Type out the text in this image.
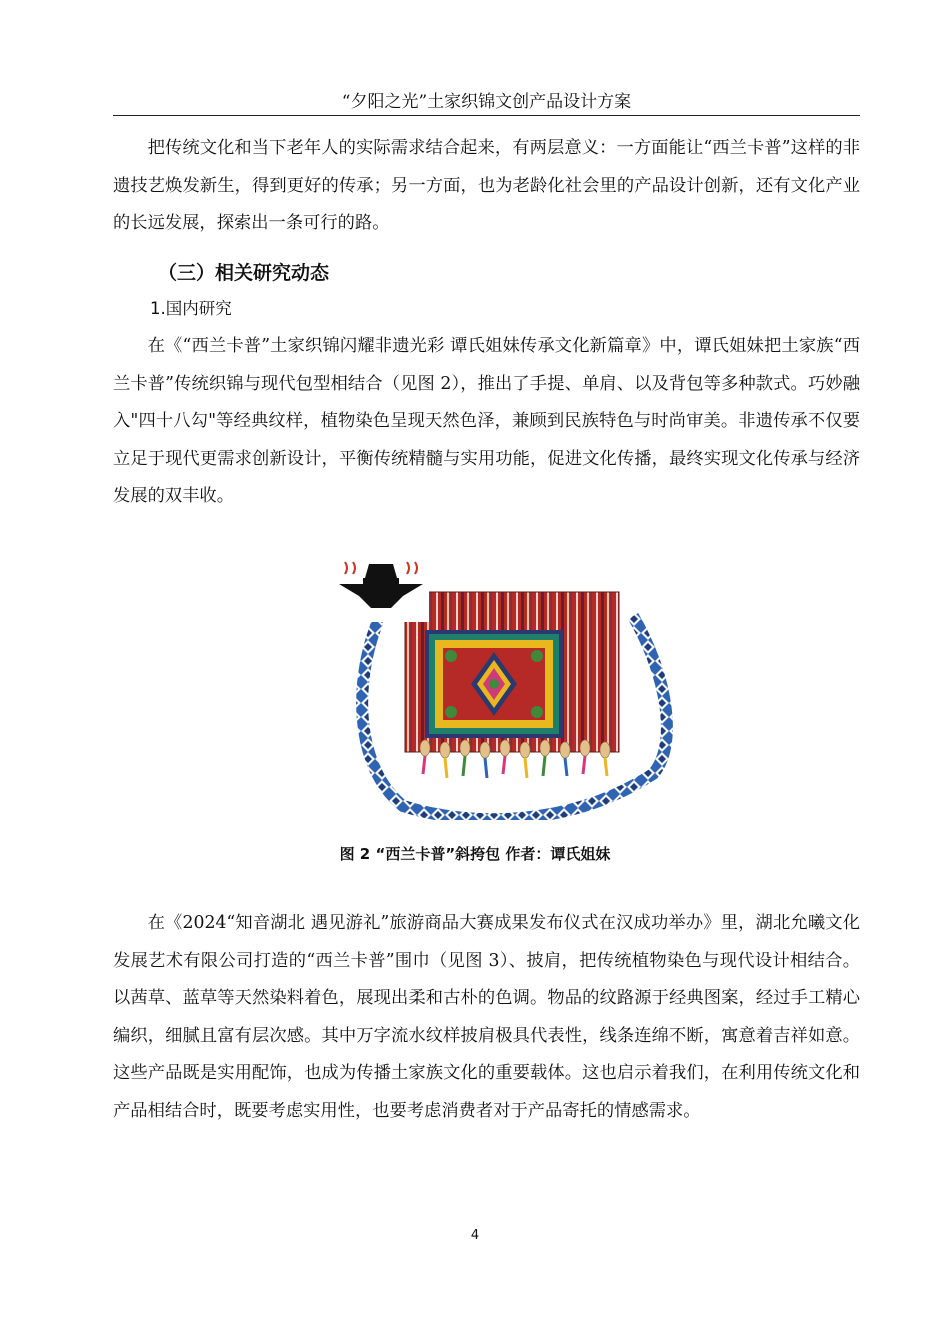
“夕阳之光”土家织锦文创产品设计方案

把传统文化和当下老年人的实际需求结合起来，有两层意义：一方面能让“西兰卡普”这样的非遗技艺焕发新生，得到更好的传承；另一方面，也为老龄化社会里的产品设计创新，还有文化产业的长远发展，探索出一条可行的路。

（三）相关研究动态
1.国内研究

在《“西兰卡普”土家织锦闪耀非遗光彩 谭氏姐妹传承文化新篇章》中，谭氏姐妹把土家族“西兰卡普”传统织锦与现代包型相结合（见图 2），推出了手提、单肩、以及背包等多种款式。巧妙融入"四十八勾"等经典纹样，植物染色呈现天然色泽，兼顾到民族特色与时尚审美。非遗传承不仅要立足于现代更需求创新设计，平衡传统精髓与实用功能，促进文化传播，最终实现文化传承与经济发展的双丰收。

图 2 “西兰卡普”斜挎包 作者：谭氏姐妹

在《2024“知音湖北 遇见游礼”旅游商品大赛成果发布仪式在汉成功举办》里，湖北允曦文化发展艺术有限公司打造的“西兰卡普”围巾（见图 3）、披肩，把传统植物染色与现代设计相结合。以茜草、蓝草等天然染料着色，展现出柔和古朴的色调。物品的纹路源于经典图案，经过手工精心编织，细腻且富有层次感。其中万字流水纹样披肩极具代表性，线条连绵不断，寓意着吉祥如意。这些产品既是实用配饰，也成为传播土家族文化的重要载体。这也启示着我们，在利用传统文化和产品相结合时，既要考虑实用性，也要考虑消费者对于产品寄托的情感需求。

4
